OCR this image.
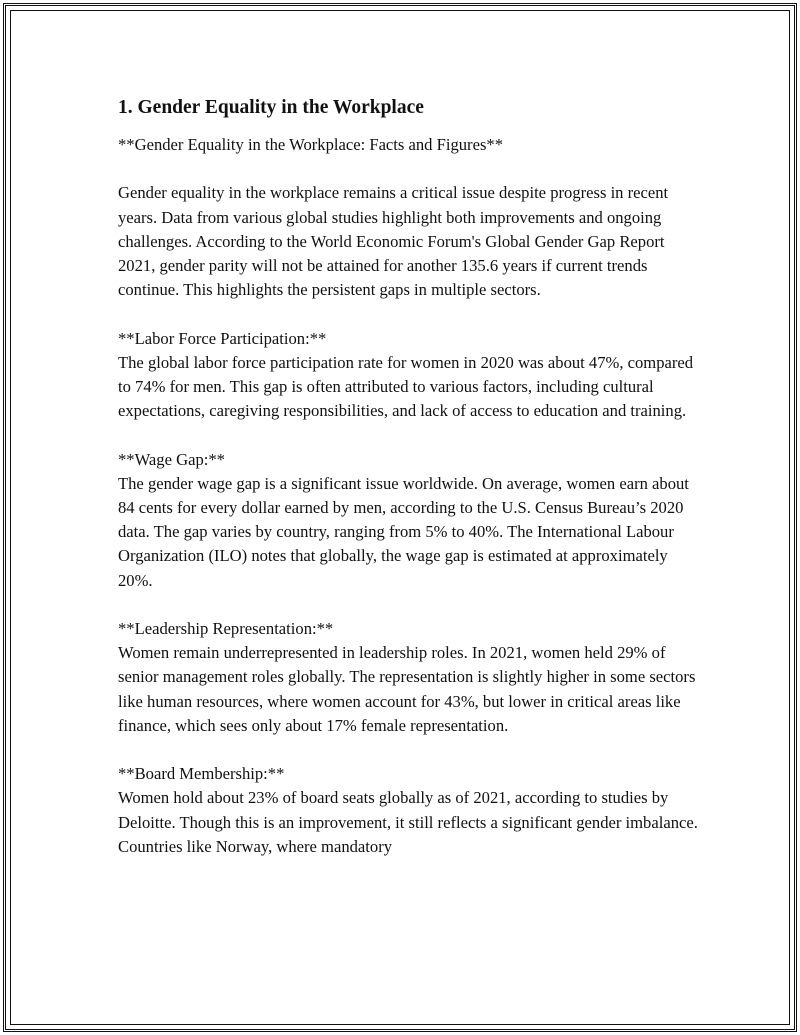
1. Gender Equality in the Workplace

**Gender Equality in the Workplace: Facts and Figures**

Gender equality in the workplace remains a critical issue despite progress in recent years. Data from various global studies highlight both improvements and ongoing challenges. According to the World Economic Forum's Global Gender Gap Report 2021, gender parity will not be attained for another 135.6 years if current trends continue. This highlights the persistent gaps in multiple sectors.

**Labor Force Participation:**

The global labor force participation rate for women in 2020 was about 47%, compared to 74% for men. This gap is often attributed to various factors, including cultural expectations, caregiving responsibilities, and lack of access to education and training.

**Wage Gap:**

The gender wage gap is a significant issue worldwide. On average, women earn about 84 cents for every dollar earned by men, according to the U.S. Census Bureau’s 2020 data. The gap varies by country, ranging from 5% to 40%. The International Labour Organization (ILO) notes that globally, the wage gap is estimated at approximately 20%.

**Leadership Representation:**

Women remain underrepresented in leadership roles. In 2021, women held 29% of senior management roles globally. The representation is slightly higher in some sectors like human resources, where women account for 43%, but lower in critical areas like finance, which sees only about 17% female representation.

**Board Membership:**

Women hold about 23% of board seats globally as of 2021, according to studies by Deloitte. Though this is an improvement, it still reflects a significant gender imbalance. Countries like Norway, where mandatory
